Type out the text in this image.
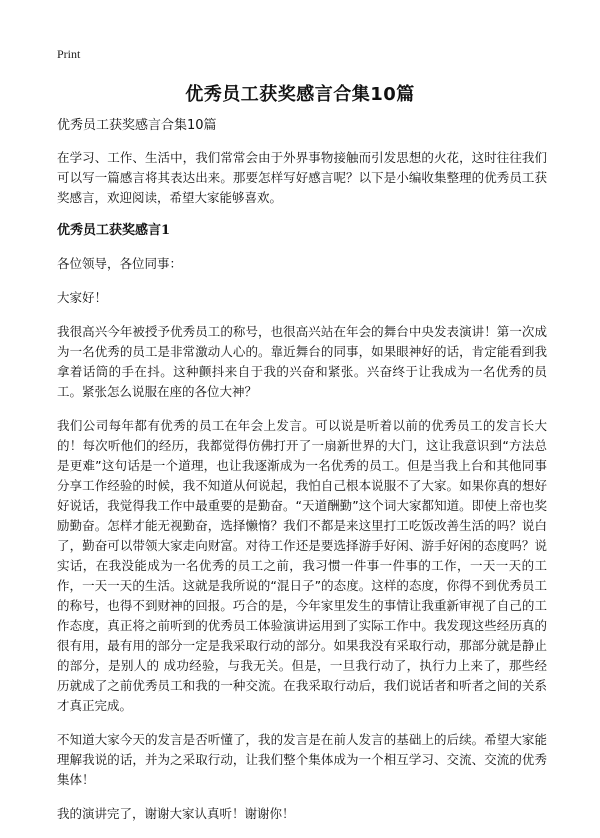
Print
优秀员工获奖感言合集10篇

优秀员工获奖感言合集10篇

在学习、工作、生活中，我们常常会由于外界事物接触而引发思想的火花，这时往往我们可以写一篇感言将其表达出来。那要怎样写好感言呢？以下是小编收集整理的优秀员工获奖感言，欢迎阅读，希望大家能够喜欢。

优秀员工获奖感言1

各位领导，各位同事：

大家好！

我很高兴今年被授予优秀员工的称号，也很高兴站在年会的舞台中央发表演讲！第一次成为一名优秀的员工是非常激动人心的。靠近舞台的同事，如果眼神好的话，肯定能看到我拿着话筒的手在抖。这种颤抖来自于我的兴奋和紧张。兴奋终于让我成为一名优秀的员工。紧张怎么说服在座的各位大神？

我们公司每年都有优秀的员工在年会上发言。可以说是听着以前的优秀员工的发言长大的！每次听他们的经历，我都觉得仿佛打开了一扇新世界的大门，这让我意识到“方法总是更难”这句话是一个道理，也让我逐渐成为一名优秀的员工。但是当我上台和其他同事分享工作经验的时候，我不知道从何说起，我怕自己根本说服不了大家。如果你真的想好好说话，我觉得我工作中最重要的是勤奋。“天道酬勤”这个词大家都知道。即使上帝也奖励勤奋。怎样才能无视勤奋，选择懒惰？我们不都是来这里打工吃饭改善生活的吗？说白了，勤奋可以带领大家走向财富。对待工作还是要选择游手好闲、游手好闲的态度吗？说实话，在我没能成为一名优秀的员工之前，我习惯一件事一件事的工作，一天一天的工作，一天一天的生活。这就是我所说的“混日子”的态度。这样的态度，你得不到优秀员工的称号，也得不到财神的回报。巧合的是，今年家里发生的事情让我重新审视了自己的工作态度，真正将之前听到的优秀员工体验演讲运用到了实际工作中。我发现这些经历真的很有用，最有用的部分一定是我采取行动的部分。如果我没有采取行动，那部分就是静止的部分，是别人的 成功经验，与我无关。但是，一旦我行动了，执行力上来了，那些经历就成了之前优秀员工和我的一种交流。在我采取行动后，我们说话者和听者之间的关系才真正完成。

不知道大家今天的发言是否听懂了，我的发言是在前人发言的基础上的后续。希望大家能理解我说的话，并为之采取行动，让我们整个集体成为一个相互学习、交流、交流的优秀集体！

我的演讲完了，谢谢大家认真听！谢谢你！
